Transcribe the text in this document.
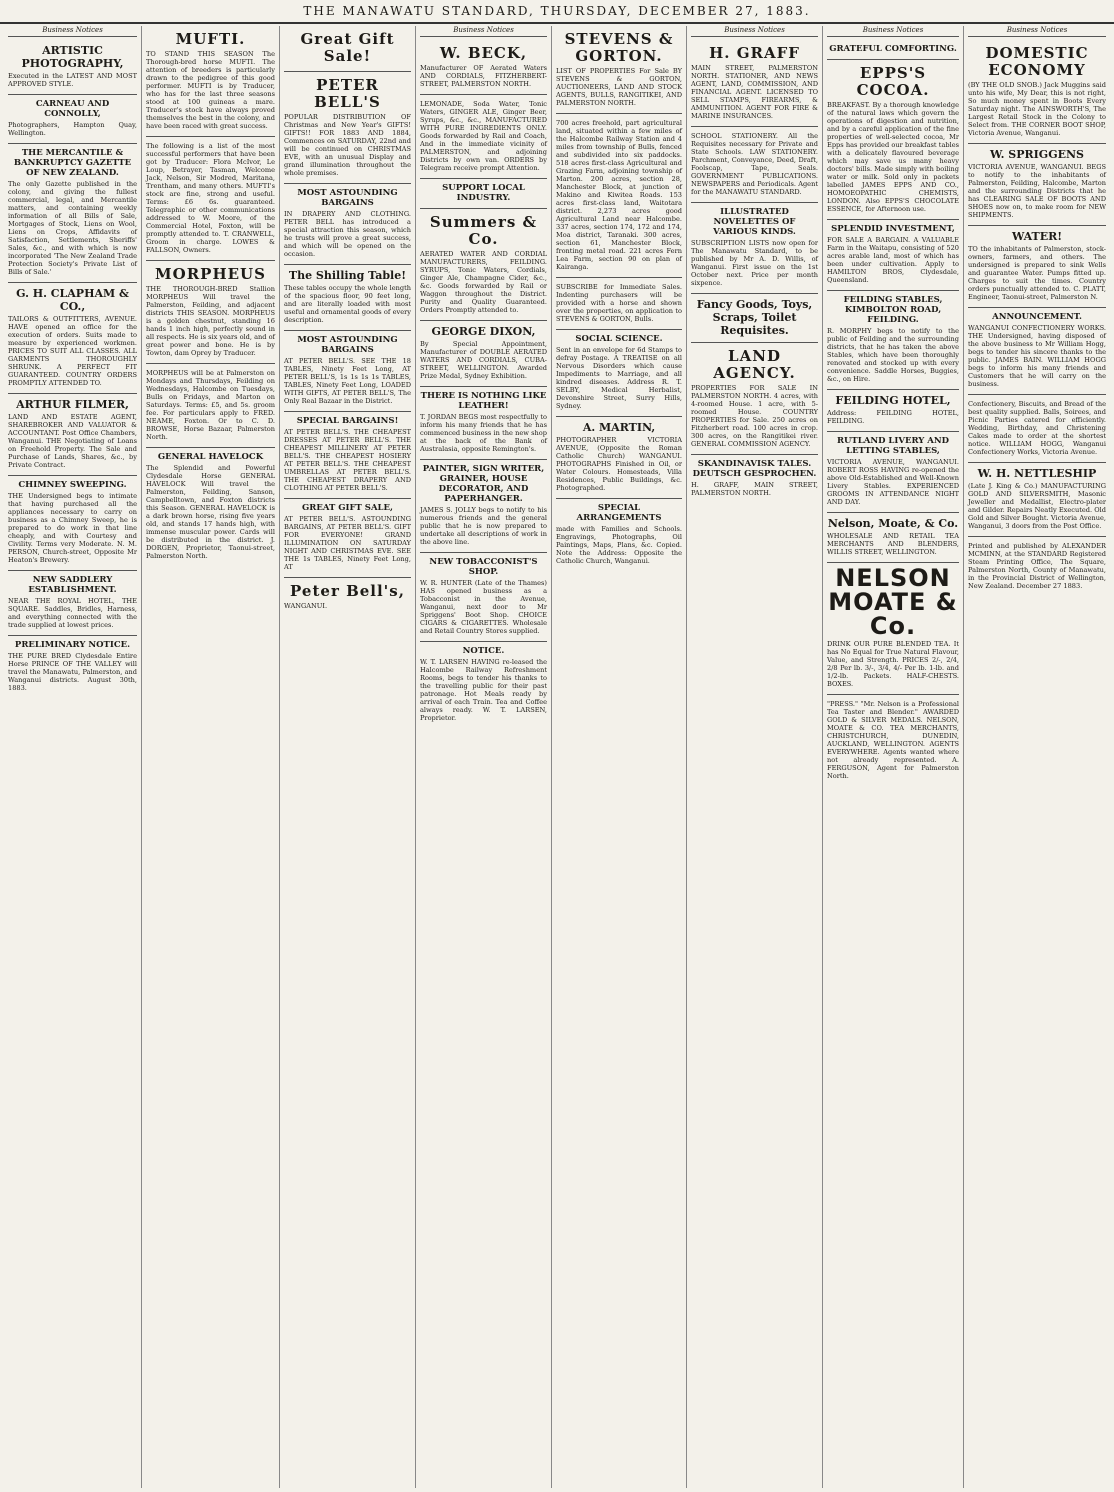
THE MANAWATU STANDARD, THURSDAY, DECEMBER 27, 1883.
Business Notices
ARTISTIC PHOTOGRAPHY,
Executed in the LATEST AND MOST APPROVED STYLE.
CARNEAU AND CONNOLLY,
Photographers, Hampton Quay, Wellington.
THE MERCANTILE & BANKRUPTCY GAZETTE OF NEW ZEALAND.
The only Gazette published in the colony, and giving the fullest commercial, legal, and Mercantile matters, and containing weekly information of all Bills of Sale, Mortgages of Stock, Liens on Wool, Liens on Crops, Affidavits of Satisfaction, Settlements, Sheriffs' Sales, &c., and with which is now incorporated 'The New Zealand Trade Protection Society's Private List of Bills of Sale.'
G. H. CLAPHAM & CO.,
TAILORS & OUTFITTERS, AVENUE. HAVE opened an office for the execution of orders. Suits made to measure by experienced workmen. PRICES TO SUIT ALL CLASSES. ALL GARMENTS THOROUGHLY SHRUNK. A PERFECT FIT GUARANTEED. COUNTRY ORDERS PROMPTLY ATTENDED TO.
ARTHUR FILMER,
LAND AND ESTATE AGENT, SHAREBROKER AND VALUATOR & ACCOUNTANT. Post Office Chambers, Wanganui. THE Negotiating of Loans on Freehold Property. The Sale and Purchase of Lands, Shares, &c., by Private Contract.
CHIMNEY SWEEPING.
THE Undersigned begs to intimate that having purchased all the appliances necessary to carry on business as a Chimney Sweep, he is prepared to do work in that line cheaply, and with Courtesy and Civility. Terms very Moderate. N. M. PERSON, Church-street, Opposite Mr Heaton's Brewery.
NEW SADDLERY ESTABLISHMENT.
NEAR THE ROYAL HOTEL, THE SQUARE. Saddles, Bridles, Harness, and everything connected with the trade supplied at lowest prices.
PRELIMINARY NOTICE.
THE PURE BRED Clydesdale Entire Horse PRINCE OF THE VALLEY will travel the Manawatu, Palmerston, and Wanganui districts. August 30th, 1883.
MUFTI.
TO STAND THIS SEASON The Thorough-bred horse MUFTI. The attention of breeders is particularly drawn to the pedigree of this good performer. MUFTI is by Traducer, who has for the last three seasons stood at 100 guineas a mare. Traducer's stock have always proved themselves the best in the colony, and have been raced with great success.
The following is a list of the most successful performers that have been got by Traducer: Flora McIvor, Le Loup, Betrayer, Tasman, Welcome Jack, Nelson, Sir Modred, Maritana, Trentham, and many others. MUFTI's stock are fine, strong and useful. Terms: £6 6s. guaranteed. Telegraphic or other communications addressed to W. Moore, of the Commercial Hotel, Foxton, will be promptly attended to. T. CRANWELL, Groom in charge. LOWES & FALLSON, Owners.
MORPHEUS
THE THOROUGH-BRED Stallion MORPHEUS Will travel the Palmerston, Feilding, and adjacent districts THIS SEASON. MORPHEUS is a golden chestnut, standing 16 hands 1 inch high, perfectly sound in all respects. He is six years old, and of great power and bone. He is by Towton, dam Oprey by Traducer.
MORPHEUS will be at Palmerston on Mondays and Thursdays, Feilding on Wednesdays, Halcombe on Tuesdays, Bulls on Fridays, and Marton on Saturdays. Terms: £5, and 5s. groom fee. For particulars apply to FRED. NEAME, Foxton. Or to C. D. BROWSE, Horse Bazaar, Palmerston North.
GENERAL HAVELOCK
The Splendid and Powerful Clydesdale Horse GENERAL HAVELOCK Will travel the Palmerston, Feilding, Sanson, Campbelltown, and Foxton districts this Season. GENERAL HAVELOCK is a dark brown horse, rising five years old, and stands 17 hands high, with immense muscular power. Cards will be distributed in the district. J. DORGEN, Proprietor, Taonui-street, Palmerston North.
Great Gift Sale!
PETER BELL'S
POPULAR DISTRIBUTION OF Christmas and New Year's GIFTS! GIFTS!! FOR 1883 AND 1884, Commences on SATURDAY, 22nd and will be continued on CHRISTMAS EVE, with an unusual Display and grand illumination throughout the whole premises.
MOST ASTOUNDING BARGAINS
IN DRAPERY AND CLOTHING. PETER BELL has introduced a special attraction this season, which he trusts will prove a great success, and which will be opened on the occasion.
The Shilling Table!
These tables occupy the whole length of the spacious floor, 90 feet long, and are literally loaded with most useful and ornamental goods of every description.
MOST ASTOUNDING BARGAINS
AT PETER BELL'S. SEE THE 18 TABLES, Ninety Feet Long, AT PETER BELL'S, 1s 1s 1s 1s TABLES, TABLES, Ninety Feet Long, LOADED WITH GIFTS, AT PETER BELL'S, The Only Real Bazaar in the District.
SPECIAL BARGAINS!
AT PETER BELL'S. THE CHEAPEST DRESSES AT PETER BELL'S. THE CHEAPEST MILLINERY AT PETER BELL'S. THE CHEAPEST HOSIERY AT PETER BELL'S. THE CHEAPEST UMBRELLAS AT PETER BELL'S. THE CHEAPEST DRAPERY AND CLOTHING AT PETER BELL'S.
GREAT GIFT SALE,
AT PETER BELL'S. ASTOUNDING BARGAINS, AT PETER BELL'S. GIFT FOR EVERYONE! GRAND ILLUMINATION ON SATURDAY NIGHT AND CHRISTMAS EVE. SEE THE 1s TABLES, Ninety Feet Long, AT
Peter Bell's,
WANGANUI.
Business Notices
W. BECK,
Manufacturer OF Aerated Waters AND CORDIALS, FITZHERBERT-STREET, PALMERSTON NORTH.
LEMONADE, Soda Water, Tonic Waters, GINGER ALE, Ginger Beer, Syrups, &c., &c., MANUFACTURED WITH PURE INGREDIENTS ONLY. Goods forwarded by Rail and Coach, And in the immediate vicinity of PALMERSTON, and adjoining Districts by own van. ORDERS by Telegram receive prompt Attention.
SUPPORT LOCAL INDUSTRY.
Summers & Co.
AERATED WATER AND CORDIAL MANUFACTURERS, FEILDING. SYRUPS, Tonic Waters, Cordials, Ginger Ale, Champagne Cider, &c., &c. Goods forwarded by Rail or Waggon throughout the District. Purity and Quality Guaranteed. Orders Promptly attended to.
GEORGE DIXON,
By Special Appointment, Manufacturer of DOUBLE AERATED WATERS AND CORDIALS, CUBA-STREET, WELLINGTON. Awarded Prize Medal, Sydney Exhibition.
THERE IS NOTHING LIKE LEATHER!
T. JORDAN BEGS most respectfully to inform his many friends that he has commenced business in the new shop at the back of the Bank of Australasia, opposite Remington's.
PAINTER, SIGN WRITER, GRAINER, HOUSE DECORATOR, AND PAPERHANGER.
JAMES S. JOLLY begs to notify to his numerous friends and the general public that he is now prepared to undertake all descriptions of work in the above line.
NEW TOBACCONIST'S SHOP.
W. R. HUNTER (Late of the Thames) HAS opened business as a Tobacconist in the Avenue, Wanganui, next door to Mr Spriggens' Boot Shop. CHOICE CIGARS & CIGARETTES. Wholesale and Retail Country Stores supplied.
NOTICE.
W. T. LARSEN HAVING re-leased the Halcombe Railway Refreshment Rooms, begs to tender his thanks to the travelling public for their past patronage. Hot Meals ready by arrival of each Train. Tea and Coffee always ready. W. T. LARSEN, Proprietor.
STEVENS & GORTON.
LIST OF PROPERTIES For Sale BY STEVENS & GORTON, AUCTIONEERS, LAND AND STOCK AGENTS, BULLS, RANGITIKEI, AND PALMERSTON NORTH.
700 acres freehold, part agricultural land, situated within a few miles of the Halcombe Railway Station and 4 miles from township of Bulls, fenced and subdivided into six paddocks. 518 acres first-class Agricultural and Grazing Farm, adjoining township of Marton. 200 acres, section 28, Manchester Block, at junction of Makino and Kiwitea Roads. 153 acres first-class land, Waitotara district. 2,273 acres good Agricultural Land near Halcombe. 337 acres, section 174, 172 and 174, Moa district, Taranaki. 300 acres, section 61, Manchester Block, fronting metal road. 221 acres Fern Lea Farm, section 90 on plan of Kairanga.
SUBSCRIBE for Immediate Sales. Indenting purchasers will be provided with a horse and shown over the properties, on application to STEVENS & GORTON, Bulls.
SOCIAL SCIENCE.
Sent in an envelope for 6d Stamps to defray Postage. A TREATISE on all Nervous Disorders which cause Impediments to Marriage, and all kindred diseases. Address R. T. SELBY, Medical Herbalist, Devonshire Street, Surry Hills, Sydney.
A. MARTIN,
PHOTOGRAPHER VICTORIA AVENUE, (Opposite the Roman Catholic Church) WANGANUI. PHOTOGRAPHS Finished in Oil, or Water Colours. Homesteads, Villa Residences, Public Buildings, &c. Photographed.
SPECIAL ARRANGEMENTS
made with Families and Schools. Engravings, Photographs, Oil Paintings, Maps, Plans, &c. Copied. Note the Address: Opposite the Catholic Church, Wanganui.
Business Notices
H. GRAFF
MAIN STREET, PALMERSTON NORTH. STATIONER, AND NEWS AGENT, LAND, COMMISSION, AND FINANCIAL AGENT. LICENSED TO SELL STAMPS, FIREARMS, & AMMUNITION. AGENT FOR FIRE & MARINE INSURANCES.
SCHOOL STATIONERY. All the Requisites necessary for Private and State Schools. LAW STATIONERY. Parchment, Conveyance, Deed, Draft, Foolscap, Tape, Seals. GOVERNMENT PUBLICATIONS. NEWSPAPERS and Periodicals. Agent for the MANAWATU STANDARD.
ILLUSTRATED NOVELETTES OF VARIOUS KINDS.
SUBSCRIPTION LISTS now open for The Manawatu Standard, to be published by Mr A. D. Willis, of Wanganui. First issue on the 1st October next. Price per month sixpence.
Fancy Goods, Toys, Scraps, Toilet Requisites.
LAND AGENCY.
PROPERTIES FOR SALE IN PALMERSTON NORTH. 4 acres, with 4-roomed House. 1 acre, with 5-roomed House. COUNTRY PROPERTIES for Sale. 250 acres on Fitzherbert road. 100 acres in crop. 300 acres, on the Rangitikei river. GENERAL COMMISSION AGENCY.
SKANDINAVISK TALES. DEUTSCH GESPROCHEN.
H. GRAFF, MAIN STREET, PALMERSTON NORTH.
Business Notices
GRATEFUL COMFORTING.
EPPS'S COCOA.
BREAKFAST. By a thorough knowledge of the natural laws which govern the operations of digestion and nutrition, and by a careful application of the fine properties of well-selected cocoa, Mr Epps has provided our breakfast tables with a delicately flavoured beverage which may save us many heavy doctors' bills. Made simply with boiling water or milk. Sold only in packets labelled JAMES EPPS AND CO., HOMOEOPATHIC CHEMISTS, LONDON. Also EPPS'S CHOCOLATE ESSENCE, for Afternoon use.
SPLENDID INVESTMENT,
FOR SALE A BARGAIN. A VALUABLE Farm in the Waitapu, consisting of 520 acres arable land, most of which has been under cultivation. Apply to HAMILTON BROS, Clydesdale, Queensland.
FEILDING STABLES, KIMBOLTON ROAD, FEILDING.
R. MORPHY begs to notify to the public of Feilding and the surrounding districts, that he has taken the above Stables, which have been thoroughly renovated and stocked up with every convenience. Saddle Horses, Buggies, &c., on Hire.
FEILDING HOTEL,
Address: FEILDING HOTEL, FEILDING.
RUTLAND LIVERY AND LETTING STABLES,
VICTORIA AVENUE, WANGANUI. ROBERT ROSS HAVING re-opened the above Old-Established and Well-Known Livery Stables. EXPERIENCED GROOMS IN ATTENDANCE NIGHT AND DAY.
Nelson, Moate, & Co.
WHOLESALE AND RETAIL TEA MERCHANTS AND BLENDERS, WILLIS STREET, WELLINGTON.
NELSON MOATE & Co.
DRINK OUR PURE BLENDED TEA. It has No Equal for True Natural Flavour, Value, and Strength. PRICES 2/-, 2/4, 2/8 Per lb. 3/-, 3/4, 4/- Per lb. 1-lb. and 1/2-lb. Packets. HALF-CHESTS. BOXES.
"PRESS." "Mr. Nelson is a Professional Tea Taster and Blender." AWARDED GOLD & SILVER MEDALS. NELSON, MOATE & CO. TEA MERCHANTS, CHRISTCHURCH, DUNEDIN, AUCKLAND, WELLINGTON. AGENTS EVERYWHERE. Agents wanted where not already represented. A. FERGUSON, Agent for Palmerston North.
Business Notices
DOMESTIC ECONOMY
(BY THE OLD SNOB.) Jack Muggins said unto his wife, My Dear, this is not right, So much money spent in Boots Every Saturday night. The AINSWORTH'S, The Largest Retail Stock in the Colony to Select from. THE CORNER BOOT SHOP, Victoria Avenue, Wanganui.
W. SPRIGGENS
VICTORIA AVENUE, WANGANUI. BEGS to notify to the inhabitants of Palmerston, Feilding, Halcombe, Marton and the surrounding Districts that he has CLEARING SALE OF BOOTS AND SHOES now on, to make room for NEW SHIPMENTS.
WATER!
TO the inhabitants of Palmerston, stock-owners, farmers, and others. The undersigned is prepared to sink Wells and guarantee Water. Pumps fitted up. Charges to suit the times. Country orders punctually attended to. C. PLATT, Engineer, Taonui-street, Palmerston N.
ANNOUNCEMENT.
WANGANUI CONFECTIONERY WORKS. THE Undersigned, having disposed of the above business to Mr William Hogg, begs to tender his sincere thanks to the public. JAMES BAIN. WILLIAM HOGG begs to inform his many friends and Customers that he will carry on the business.
Confectionery, Biscuits, and Bread of the best quality supplied. Balls, Soirees, and Picnic Parties catered for efficiently. Wedding, Birthday, and Christening Cakes made to order at the shortest notice. WILLIAM HOGG, Wanganui Confectionery Works, Victoria Avenue.
W. H. NETTLESHIP
(Late J. King & Co.) MANUFACTURING GOLD AND SILVERSMITH, Masonic Jeweller and Medallist, Electro-plater and Gilder. Repairs Neatly Executed. Old Gold and Silver Bought. Victoria Avenue, Wanganui, 3 doors from the Post Office.
Printed and published by ALEXANDER MCMINN, at the STANDARD Registered Steam Printing Office, The Square, Palmerston North, County of Manawatu, in the Provincial District of Wellington, New Zealand. December 27 1883.
